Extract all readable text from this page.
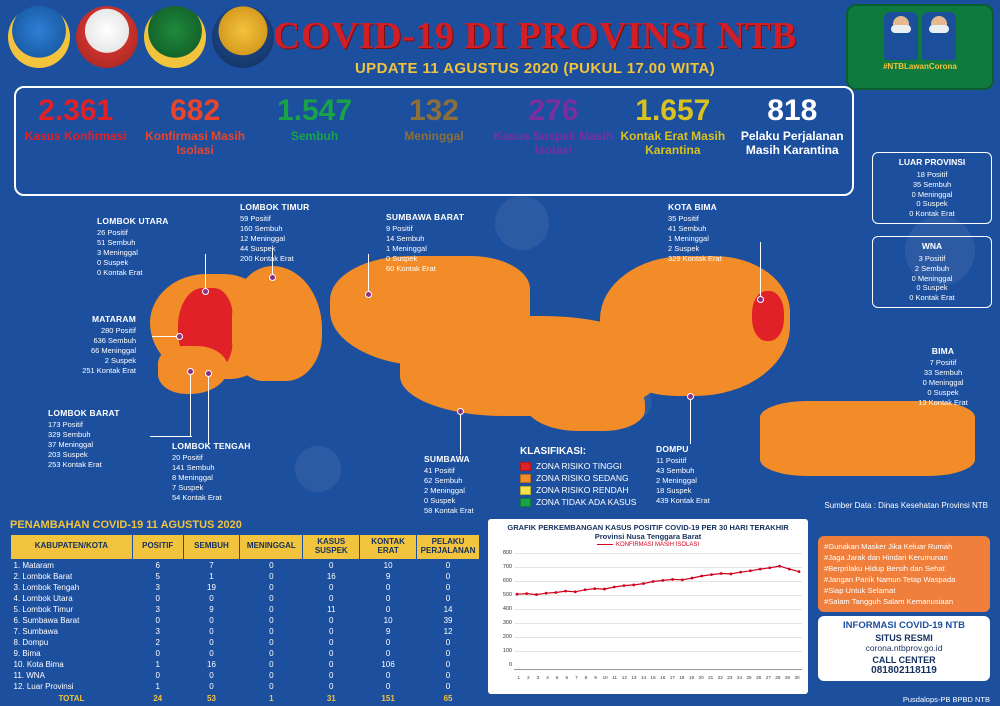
COVID-19 DI PROVINSI NTB
UPDATE 11 AGUSTUS 2020 (PUKUL 17.00 WITA)	#NTBLawanCorona
2.361
Kasus Konfirmasi
682
Konfirmasi Masih Isolasi
1.547
Sembuh
132
Meninggal
276
Kasus Suspek Masih Isolasi
1.657
Kontak Erat Masih Karantina
818
Pelaku Perjalanan Masih Karantina
LOMBOK UTARA
26 Positif
51 Sembuh
3 Meninggal
0 Suspek
0 Kontak Erat
LOMBOK TIMUR
59 Positif
160 Sembuh
12 Meninggal
44 Suspek
200 Kontak Erat
SUMBAWA BARAT
9 Positif
14 Sembuh
1 Meninggal
0 Suspek
60 Kontak Erat
KOTA BIMA
35 Positif
41 Sembuh
1 Meninggal
2 Suspek
329 Kontak Erat
MATARAM
280 Positif
636 Sembuh
66 Meninggal
2 Suspek
251 Kontak Erat
LOMBOK BARAT
173 Positif
329 Sembuh
37 Meninggal
203 Suspek
253 Kontak Erat
LOMBOK TENGAH
20 Positif
141 Sembuh
8 Meninggal
7 Suspek
54 Kontak Erat
SUMBAWA
41 Positif
62 Sembuh
2 Meninggal
0 Suspek
58 Kontak Erat
DOMPU
11 Positif
43 Sembuh
2 Meninggal
18 Suspek
439 Kontak Erat
BIMA
7 Positif
33 Sembuh
0 Meninggal
0 Suspek
13 Kontak Erat
LUAR PROVINSI
18 Positif
35 Sembuh
0 Meninggal
0 Suspek
0 Kontak Erat
WNA
3 Positif
2 Sembuh
0 Meninggal
0 Suspek
0 Kontak Erat
KLASIFIKASI:
ZONA RISIKO TINGGI
ZONA RISIKO SEDANG
ZONA RISIKO RENDAH
ZONA TIDAK ADA KASUS	Sumber Data : Dinas Kesehatan Provinsi NTB
PENAMBAHAN COVID-19 11 AGUSTUS 2020
KABUPATEN/KOTA	POSITIF	SEMBUH	MENINGGAL	KASUS SUSPEK	KONTAK ERAT	PELAKU PERJALANAN
1. Mataram	6	7	0	0	10	0
2. Lombok Barat	5	1	0	16	9	0
3. Lombok Tengah	3	19	0	0	0	0
4. Lombok Utara	0	0	0	0	0	0
5. Lombok Timur	3	9	0	11	0	14
6. Sumbawa Barat	0	0	0	0	10	39
7. Sumbawa	3	0	0	0	9	12
8. Dompu	2	0	0	0	0	0
9. Bima	0	0	0	0	0	0
10. Kota Bima	1	16	0	0	106	0
11. WNA	0	0	0	0	0	0
12. Luar Provinsi	1	0	0	0	0	0
TOTAL	24	53	1	31	151	65
GRAFIK PERKEMBANGAN KASUS POSITIF COVID-19 PER 30 HARI TERAKHIR Provinsi Nusa Tenggara Barat
KONFIRMASI MASIH ISOLASI
800
700
600
500
400
300
200
100
0
1	2	3	4	5	6	7	8	9	10	11	12 13 14 15 16 17 18 19 20 21 22 23 24 25 26 27 28 29 30
#Gunakan Masker Jika Keluar Rumah
#Jaga Jarak dan Hindari Kerumunan
#Berprilaku Hidup Bersih dan Sehat
#Jangan Panik Namun Tetap Waspada
#Siap Untuk Selamat
#Salam Tangguh Salam Kemanusiaan
INFORMASI COVID-19 NTB
SITUS RESMI
corona.ntbprov.go.id
CALL CENTER
081802118119
Pusdalops-PB BPBD NTB
